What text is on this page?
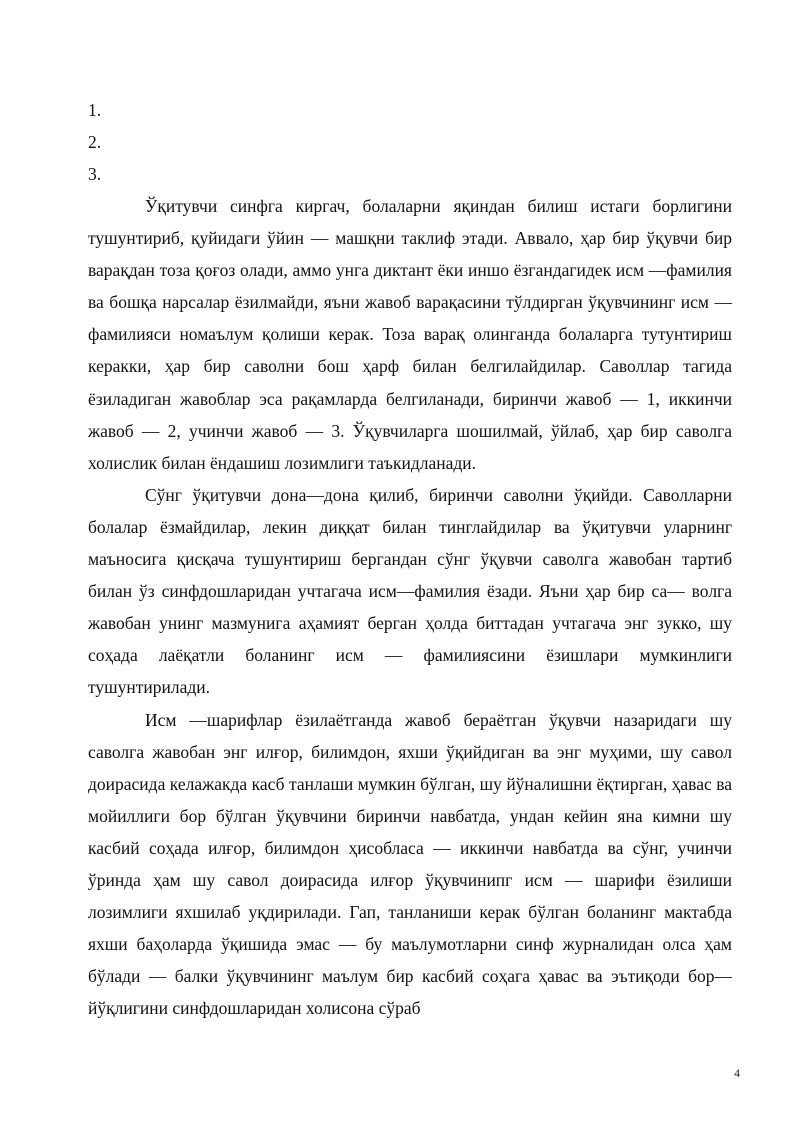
1.
2.
3.

Ўқитувчи синфга киргач, болаларни яқиндан билиш истаги борлигини тушунтириб, қуйидаги ўйин — машқни таклиф этади. Аввало, ҳар бир ўқувчи бир варақдан тоза қоғоз олади, аммо унга диктант ёки иншо ёзгандагидек исм —фамилия ва бошқа нарсалар ёзилмайди, яъни жавоб варақасини тўлдирган ўқувчининг исм — фамилияси номаълум қолиши керак. Тоза варақ олинганда болаларга тутунтириш керакки, ҳар бир саволни бош ҳарф билан белгилайдилар. Саволлар тагида ёзиладиган жавоблар эса рақамларда белгиланади, биринчи жавоб — 1, иккинчи жавоб — 2, учинчи жавоб — 3. Ўқувчиларга шошилмай, ўйлаб, ҳар бир саволга холислик билан ёндашиш лозимлиги таъкидланади.

Сўнг ўқитувчи дона—дона қилиб, биринчи саволни ўқийди. Саволларни болалар ёзмайдилар, лекин диққат билан тинглайдилар ва ўқитувчи уларнинг маъносига қисқача тушунтириш бергандан сўнг ўқувчи саволга жавобан тартиб билан ўз синфдошларидан учтагача исм—фамилия ёзади. Яъни ҳар бир са— волга жавобан унинг мазмунига аҳамият берган ҳолда биттадан учтагача энг зукко, шу соҳада лаёқатли боланинг исм — фамилиясини ёзишлари мумкинлиги тушунтирилади.

Исм —шарифлар ёзилаётганда жавоб бераётган ўқувчи назаридаги шу саволга жавобан энг илғор, билимдон, яхши ўқийдиган ва энг муҳими, шу савол доирасида келажакда касб танлаши мумкин бўлган, шу йўналишни ёқтирган, ҳавас ва мойиллиги бор бўлган ўқувчини биринчи навбатда, ундан кейин яна кимни шу касбий соҳада илғор, билимдон ҳисобласа — иккинчи навбатда ва сўнг, учинчи ўринда ҳам шу савол доирасида илғор ўқувчинипг исм — шарифи ёзилиши лозимлиги яхшилаб уқдирилади. Гап, танланиши керак бўлган боланинг мактабда яхши баҳоларда ўқишида эмас — бу маълумотларни синф журналидан олса ҳам бўлади — балки ўқувчининг маълум бир касбий соҳага ҳавас ва эътиқоди бор—йўқлигини синфдошларидан холисона сўраб

4
